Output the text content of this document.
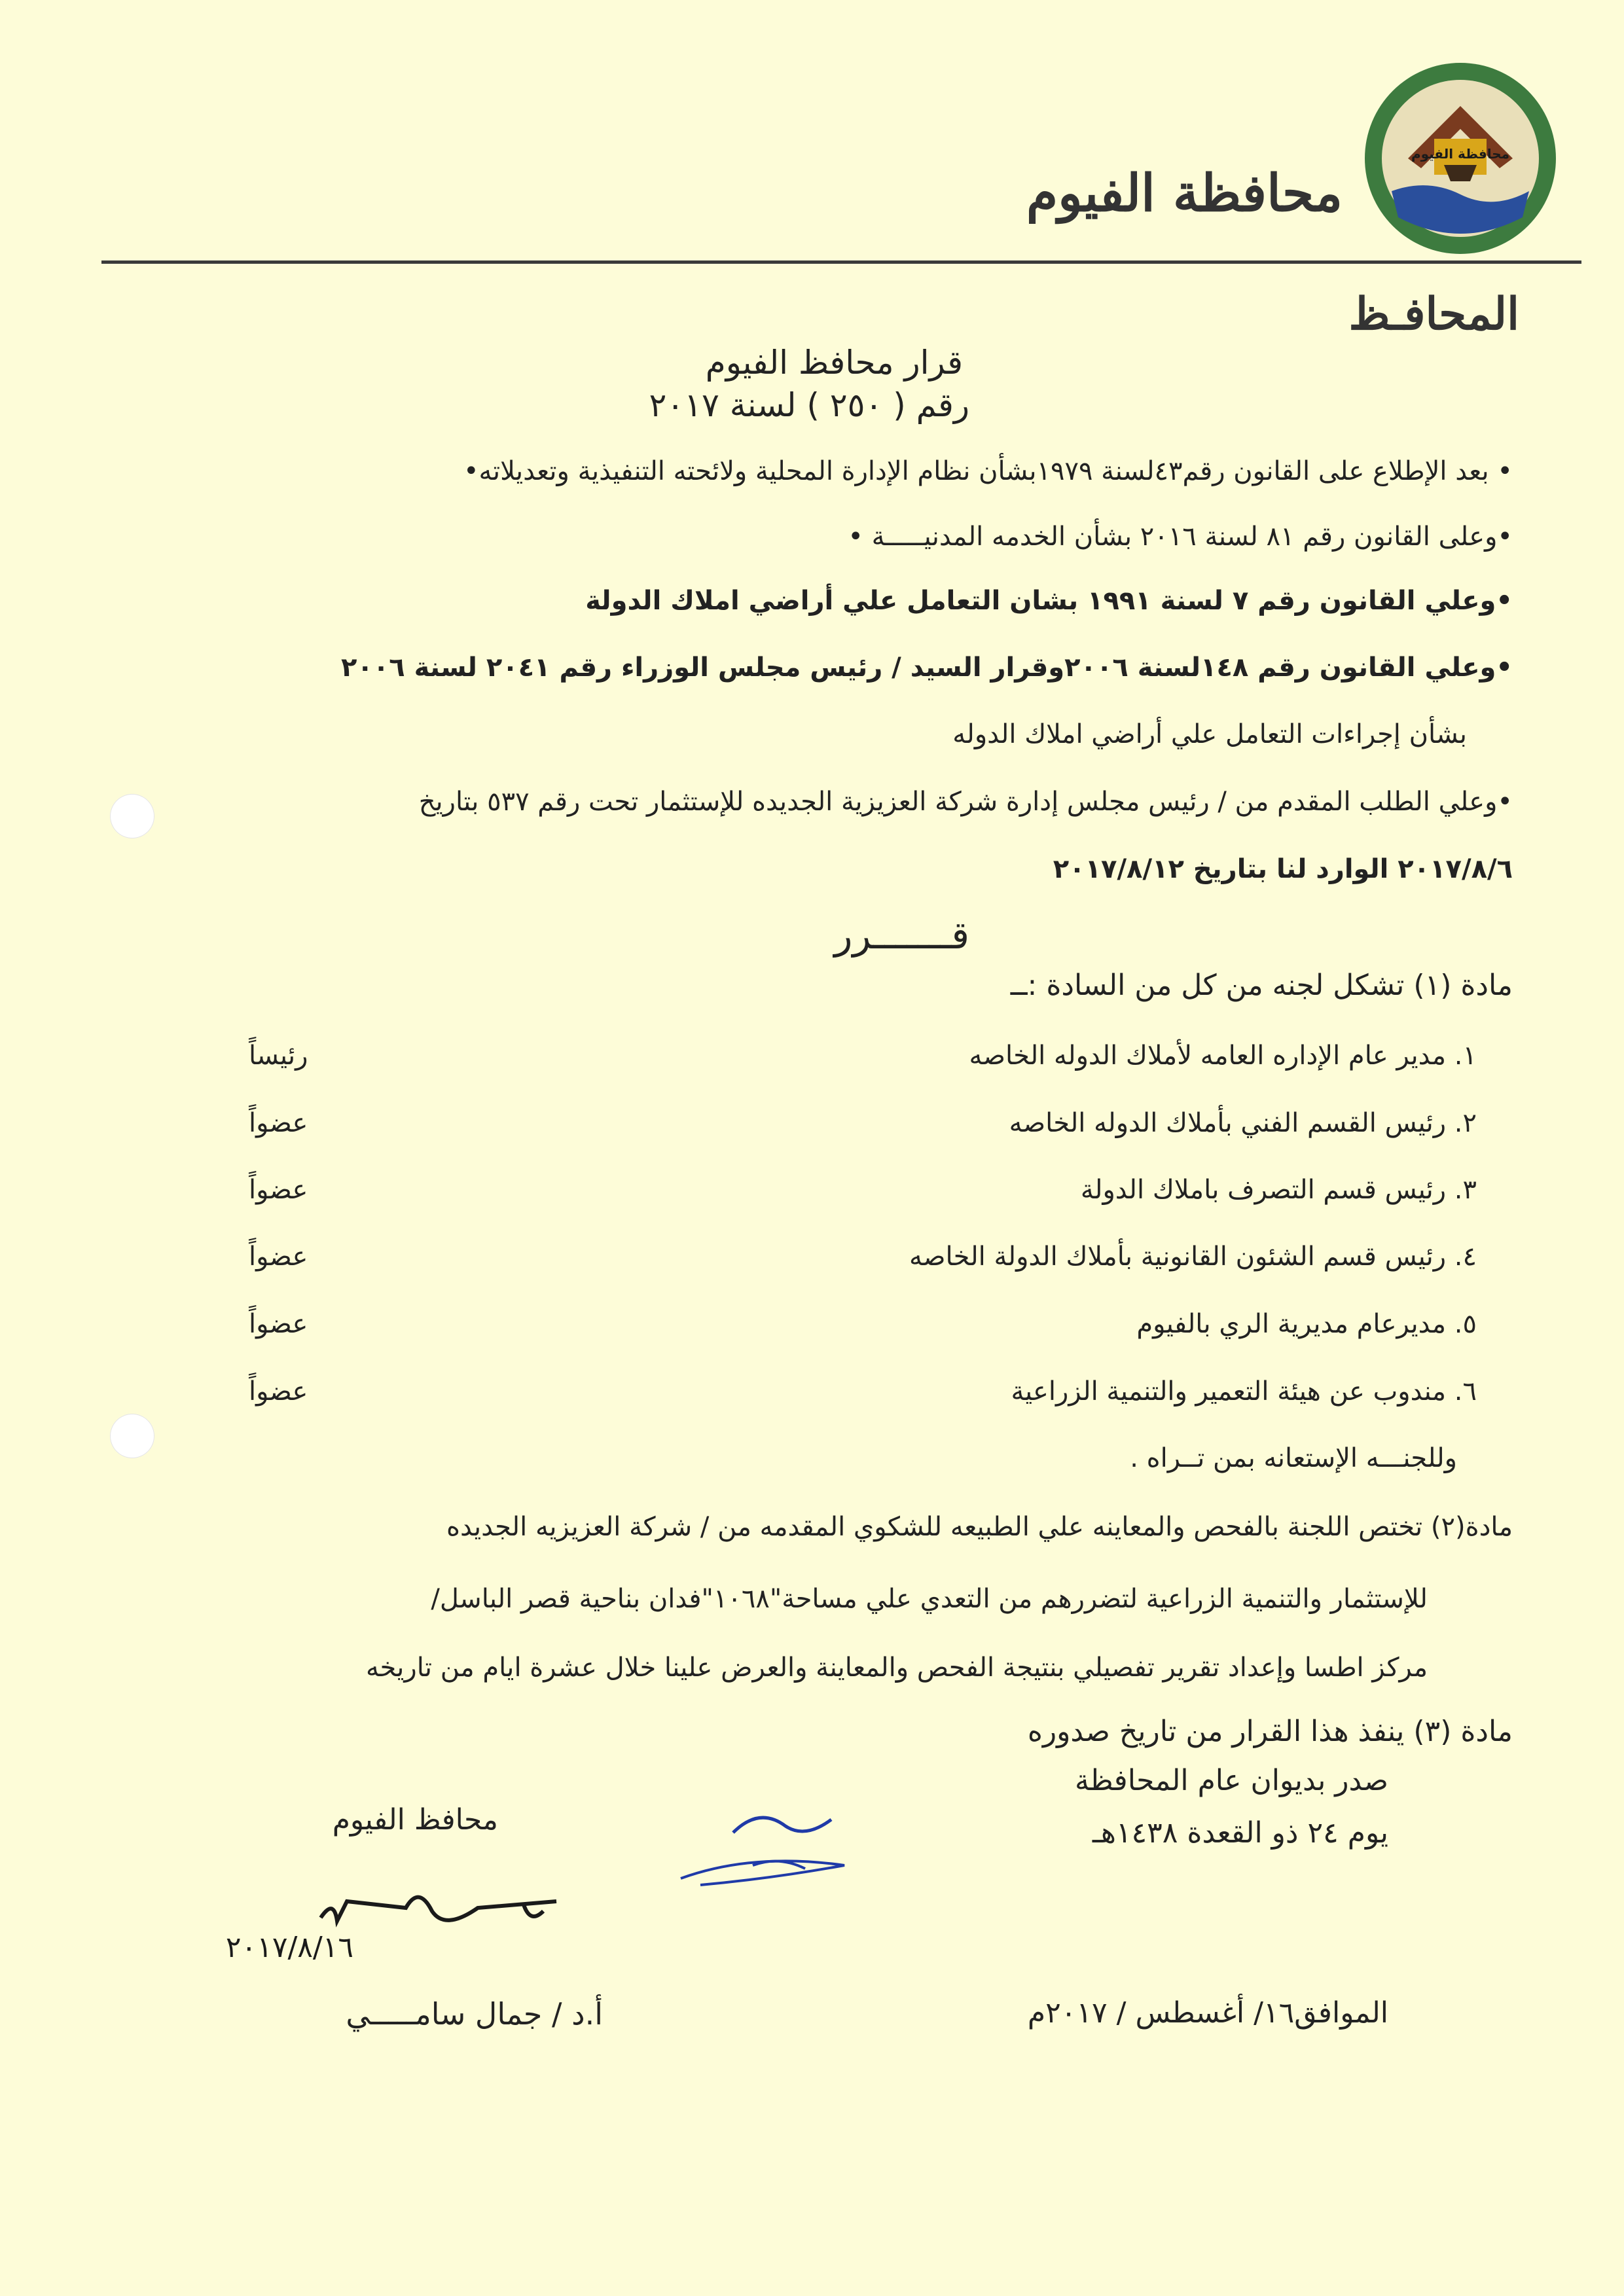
محافظة الفيوم
محافظة الفيوم
المحافـظ
قرار محافظ الفيوم
رقم ( ٢٥٠ ) لسنة ٢٠١٧
• بعد الإطلاع على القانون رقم٤٣لسنة ١٩٧٩بشأن نظام الإدارة المحلية ولائحته التنفيذية وتعديلاته•
•وعلى القانون رقم ٨١ لسنة ٢٠١٦ بشأن الخدمه المدنيـــــة •
•وعلي القانون رقم ٧ لسنة ١٩٩١ بشان التعامل علي أراضي املاك الدولة
•وعلي القانون رقم ١٤٨لسنة ٢٠٠٦وقرار السيد / رئيس مجلس الوزراء رقم ٢٠٤١ لسنة ٢٠٠٦
بشأن إجراءات التعامل علي أراضي املاك الدوله
•وعلي الطلب المقدم من / رئيس مجلس إدارة شركة العزيزية الجديده للإستثمار تحت رقم ٥٣٧ بتاريخ
٢٠١٧/٨/٦ الوارد لنا بتاريخ ٢٠١٧/٨/١٢
قـــــــرر
مادة (١) تشكل لجنه من كل من السادة :ــ
١. مدير عام الإداره العامه لأملاك الدوله الخاصه
رئيساً
٢. رئيس القسم الفني بأملاك الدوله الخاصه
عضواً
٣. رئيس قسم التصرف باملاك الدولة
عضواً
٤. رئيس قسم الشئون القانونية بأملاك الدولة الخاصه
عضواً
٥. مديرعام مديرية الري بالفيوم
عضواً
٦. مندوب عن هيئة التعمير والتنمية الزراعية
عضواً
وللجنـــه الإستعانه بمن تــراه .
مادة(٢) تختص اللجنة بالفحص والمعاينه علي الطبيعه للشكوي المقدمه من / شركة العزيزيه الجديده
للإستثمار والتنمية الزراعية لتضررهم من التعدي علي مساحة"١٠٦٨"فدان بناحية قصر الباسل/
مركز اطسا وإعداد تقرير تفصيلي بنتيجة الفحص والمعاينة والعرض علينا خلال عشرة ايام من تاريخه
مادة (٣) ينفذ هذا القرار من تاريخ صدوره
صدر بديوان عام المحافظة
يوم ٢٤ ذو القعدة ١٤٣٨هـ
الموافق١٦/ أغسطس / ٢٠١٧م
محافظ الفيوم
٢٠١٧/٨/١٦
أ.د / جمال سامـــــي
